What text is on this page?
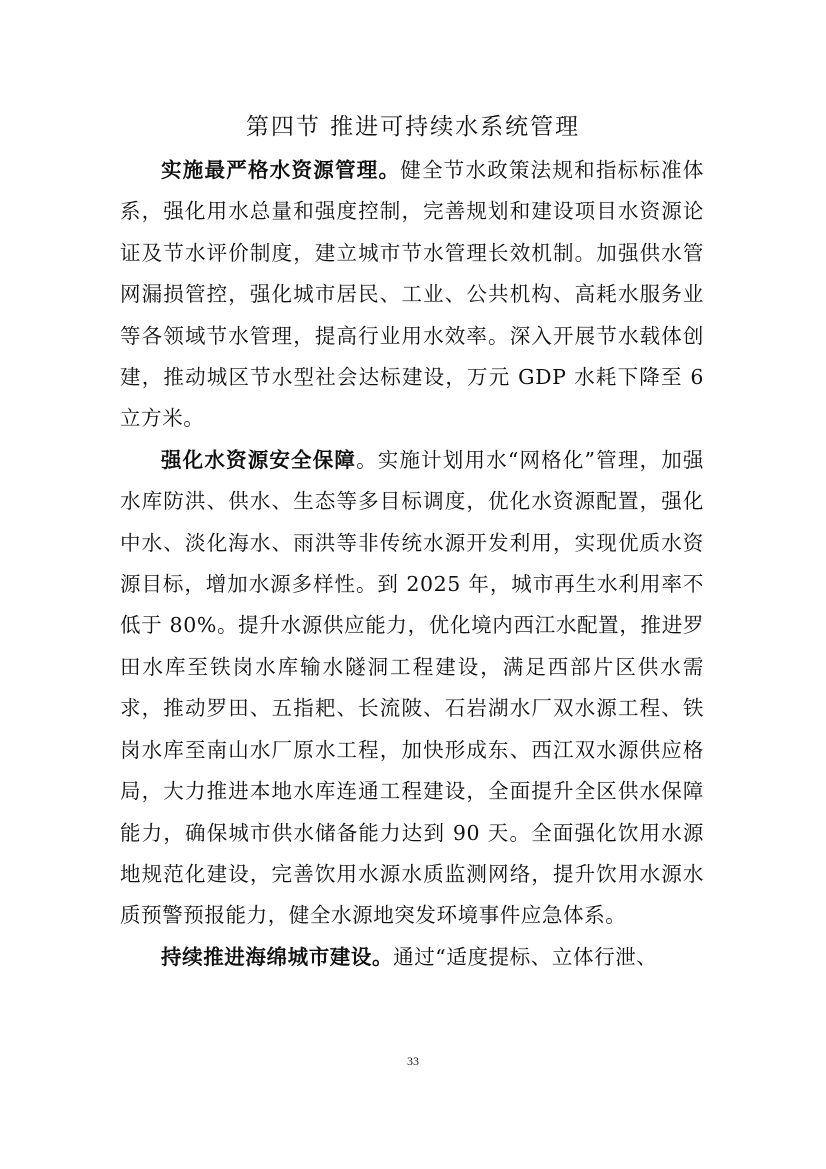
第四节 推进可持续水系统管理

实施最严格水资源管理。健全节水政策法规和指标标准体系，强化用水总量和强度控制，完善规划和建设项目水资源论证及节水评价制度，建立城市节水管理长效机制。加强供水管网漏损管控，强化城市居民、工业、公共机构、高耗水服务业等各领域节水管理，提高行业用水效率。深入开展节水载体创建，推动城区节水型社会达标建设，万元 GDP 水耗下降至 6 立方米。

强化水资源安全保障。实施计划用水“网格化”管理，加强水库防洪、供水、生态等多目标调度，优化水资源配置，强化中水、淡化海水、雨洪等非传统水源开发利用，实现优质水资源目标，增加水源多样性。到 2025 年，城市再生水利用率不低于 80%。提升水源供应能力，优化境内西江水配置，推进罗田水库至铁岗水库输水隧洞工程建设，满足西部片区供水需求，推动罗田、五指耙、长流陂、石岩湖水厂双水源工程、铁岗水库至南山水厂原水工程，加快形成东、西江双水源供应格局，大力推进本地水库连通工程建设，全面提升全区供水保障能力，确保城市供水储备能力达到 90 天。全面强化饮用水源地规范化建设，完善饮用水源水质监测网络，提升饮用水源水质预警预报能力，健全水源地突发环境事件应急体系。

持续推进海绵城市建设。通过“适度提标、立体行泄、

33
